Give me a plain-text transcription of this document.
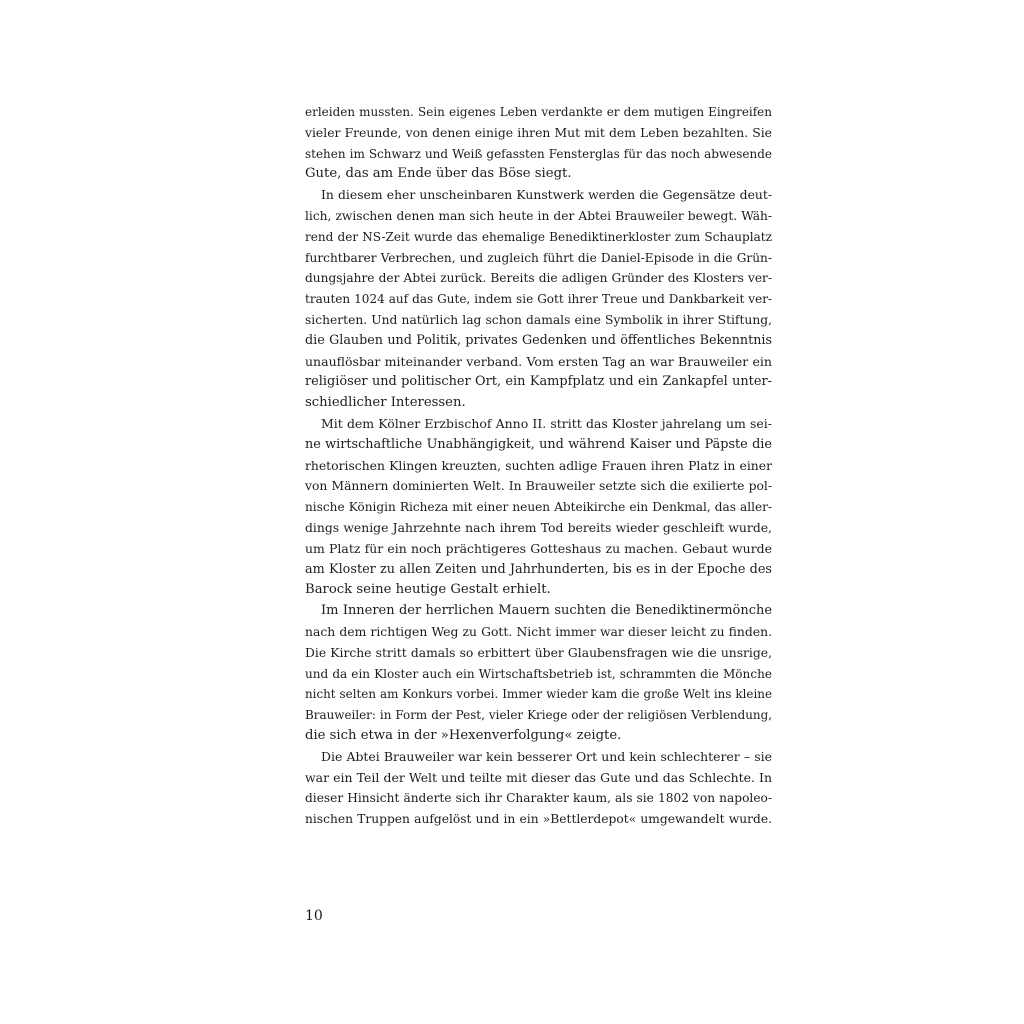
erleiden mussten. Sein eigenes Leben verdankte er dem mutigen Eingreifen
vieler Freunde, von denen einige ihren Mut mit dem Leben bezahlten. Sie
stehen im Schwarz und Weiß gefassten Fensterglas für das noch abwesende
Gute, das am Ende über das Böse siegt.
In diesem eher unscheinbaren Kunstwerk werden die Gegensätze deut-
lich, zwischen denen man sich heute in der Abtei Brauweiler bewegt. Wäh-
rend der NS-Zeit wurde das ehemalige Benediktinerkloster zum Schauplatz
furchtbarer Verbrechen, und zugleich führt die Daniel-Episode in die Grün-
dungsjahre der Abtei zurück. Bereits die adligen Gründer des Klosters ver-
trauten 1024 auf das Gute, indem sie Gott ihrer Treue und Dankbarkeit ver-
sicherten. Und natürlich lag schon damals eine Symbolik in ihrer Stiftung,
die Glauben und Politik, privates Gedenken und öffentliches Bekenntnis
unauflösbar miteinander verband. Vom ersten Tag an war Brauweiler ein
religiöser und politischer Ort, ein Kampfplatz und ein Zankapfel unter-
schiedlicher Interessen.
Mit dem Kölner Erzbischof Anno II. stritt das Kloster jahrelang um sei-
ne wirtschaftliche Unabhängigkeit, und während Kaiser und Päpste die
rhetorischen Klingen kreuzten, suchten adlige Frauen ihren Platz in einer
von Männern dominierten Welt. In Brauweiler setzte sich die exilierte pol-
nische Königin Richeza mit einer neuen Abteikirche ein Denkmal, das aller-
dings wenige Jahrzehnte nach ihrem Tod bereits wieder geschleift wurde,
um Platz für ein noch prächtigeres Gotteshaus zu machen. Gebaut wurde
am Kloster zu allen Zeiten und Jahrhunderten, bis es in der Epoche des
Barock seine heutige Gestalt erhielt.
Im Inneren der herrlichen Mauern suchten die Benediktinermönche
nach dem richtigen Weg zu Gott. Nicht immer war dieser leicht zu finden.
Die Kirche stritt damals so erbittert über Glaubensfragen wie die unsrige,
und da ein Kloster auch ein Wirtschaftsbetrieb ist, schrammten die Mönche
nicht selten am Konkurs vorbei. Immer wieder kam die große Welt ins kleine
Brauweiler: in Form der Pest, vieler Kriege oder der religiösen Verblendung,
die sich etwa in der »Hexenverfolgung« zeigte.
Die Abtei Brauweiler war kein besserer Ort und kein schlechterer – sie
war ein Teil der Welt und teilte mit dieser das Gute und das Schlechte. In
dieser Hinsicht änderte sich ihr Charakter kaum, als sie 1802 von napoleo-
nischen Truppen aufgelöst und in ein »Bettlerdepot« umgewandelt wurde.
10
